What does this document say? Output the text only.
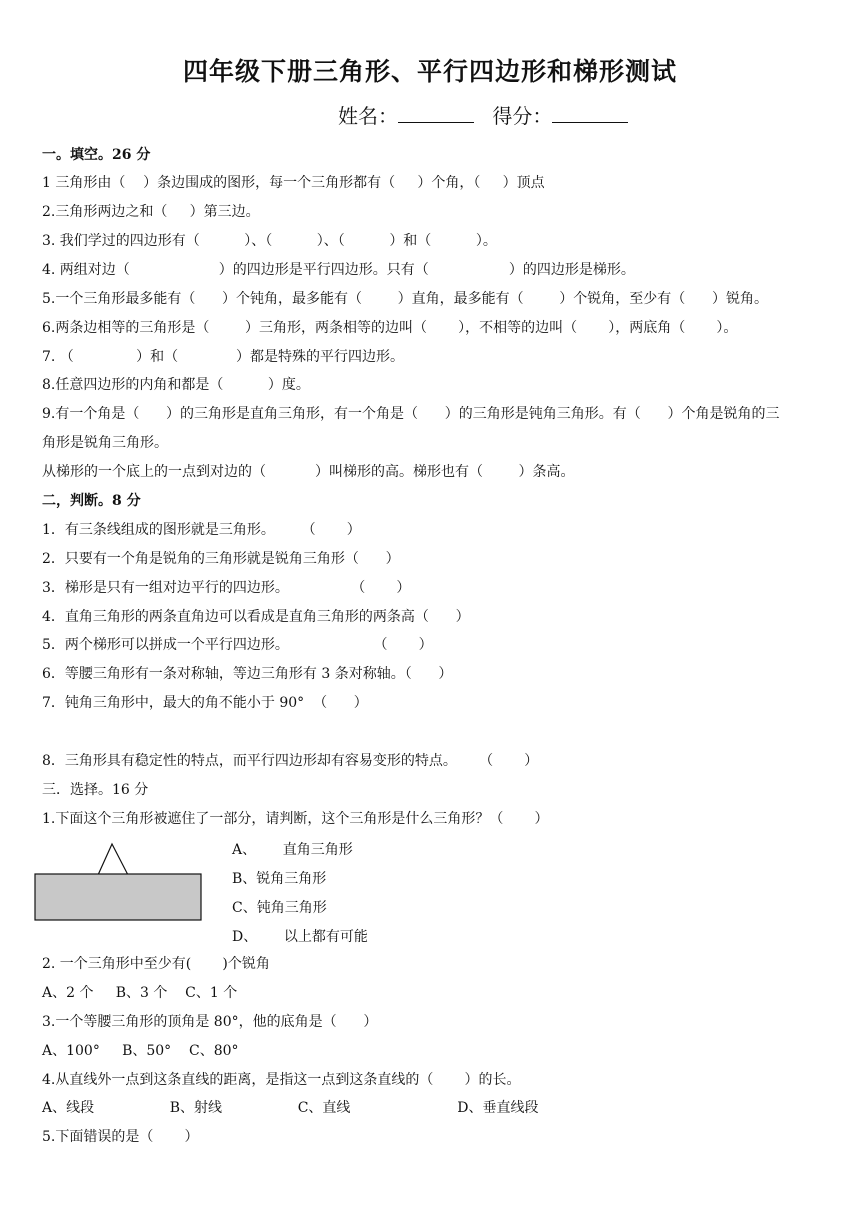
四年级下册三角形、平行四边形和梯形测试
姓名：	得分：
一。填空。26 分
1 三角形由（    ）条边围成的图形，每一个三角形都有（     ）个角，（     ）顶点
2.三角形两边之和（     ）第三边。
3. 我们学过的四边形有（          ）、（          ）、（          ）和（          ）。
4. 两组对边（                    ）的四边形是平行四边形。只有（                  ）的四边形是梯形。
5.一个三角形最多能有（      ）个钝角，最多能有（        ）直角，最多能有（        ）个锐角，至少有（      ）锐角。
6.两条边相等的三角形是（        ）三角形，两条相等的边叫（       ），不相等的边叫（       ），两底角（       ）。
7. （              ）和（             ）都是特殊的平行四边形。
8.任意四边形的内角和都是（          ）度。
9.有一个角是（      ）的三角形是直角三角形，有一个角是（      ）的三角形是钝角三角形。有（      ）个角是锐角的三
角形是锐角三角形。
从梯形的一个底上的一点到对边的（           ）叫梯形的高。梯形也有（        ）条高。
二，判断。8 分
1．有三条线组成的图形就是三角形。      （       ）
2．只要有一个角是锐角的三角形就是锐角三角形（      ）
3．梯形是只有一组对边平行的四边形。              （       ）
4．直角三角形的两条直角边可以看成是直角三角形的两条高（      ）
5．两个梯形可以拼成一个平行四边形。                   （       ）
6．等腰三角形有一条对称轴，等边三角形有 3 条对称轴。（      ）
7．钝角三角形中，最大的角不能小于 90°  （      ）
8．三角形具有稳定性的特点，而平行四边形却有容易变形的特点。     （       ）
三．选择。16 分
1.下面这个三角形被遮住了一部分，请判断，这个三角形是什么三角形？（       ）
A、      直角三角形
B、锐角三角形
C、钝角三角形
D、      以上都有可能
2. 一个三角形中至少有(       )个锐角
A、2 个     B、3 个    C、1 个
3.一个等腰三角形的顶角是 80°，他的底角是（      ）
A、100°     B、50°    C、80°
4.从直线外一点到这条直线的距离，是指这一点到这条直线的（       ）的长。
A、线段                 B、射线                 C、直线                        D、垂直线段
5.下面错误的是（       ）
